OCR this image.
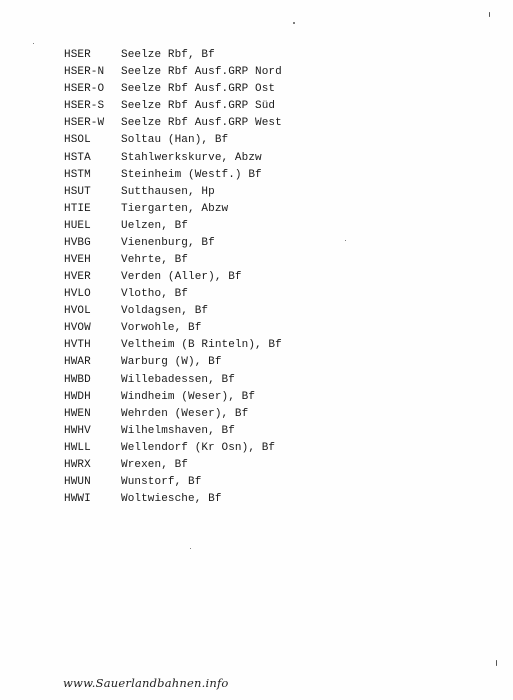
HSER	Seelze Rbf, Bf
HSER-N	Seelze Rbf Ausf.GRP Nord
HSER-O	Seelze Rbf Ausf.GRP Ost
HSER-S	Seelze Rbf Ausf.GRP Süd
HSER-W	Seelze Rbf Ausf.GRP West
HSOL	Soltau (Han), Bf
HSTA	Stahlwerkskurve, Abzw
HSTM	Steinheim (Westf.) Bf
HSUT	Sutthausen, Hp
HTIE	Tiergarten, Abzw
HUEL	Uelzen, Bf
HVBG	Vienenburg, Bf
HVEH	Vehrte, Bf
HVER	Verden (Aller), Bf
HVLO	Vlotho, Bf
HVOL	Voldagsen, Bf
HVOW	Vorwohle, Bf
HVTH	Veltheim (B Rinteln), Bf
HWAR	Warburg (W), Bf
HWBD	Willebadessen, Bf
HWDH	Windheim (Weser), Bf
HWEN	Wehrden (Weser), Bf
HWHV	Wilhelmshaven, Bf
HWLL	Wellendorf (Kr Osn), Bf
HWRX	Wrexen, Bf
HWUN	Wunstorf, Bf
HWWI	Woltwiesche, Bf
www.Sauerlandbahnen.info
